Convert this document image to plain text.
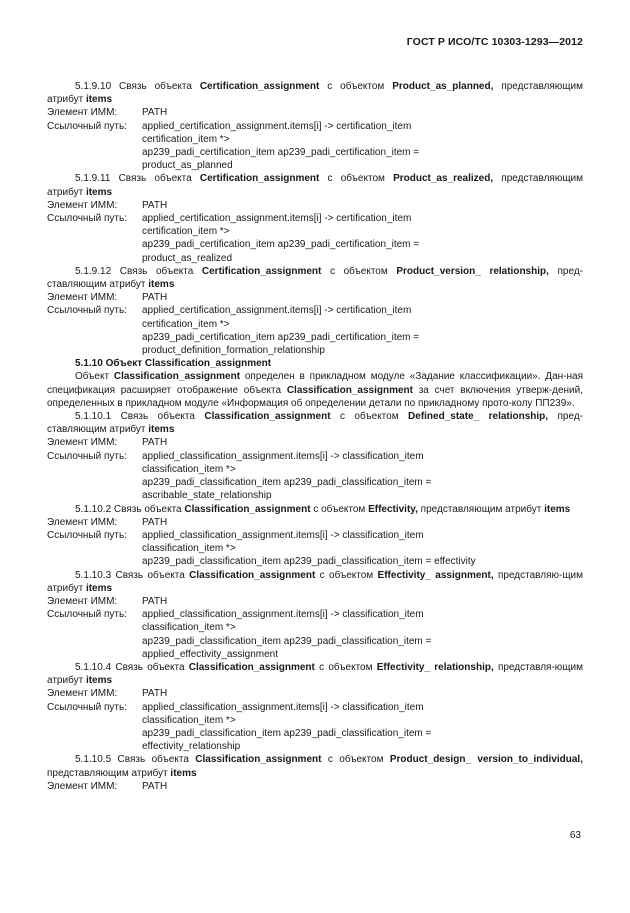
ГОСТ Р ИСО/ТС 10303-1293—2012
5.1.9.10 Связь объекта Certification_assignment с объектом Product_as_planned, представляющим атрибут items
Элемент ИММ:	PATH
Ссылочный путь:	applied_certification_assignment.items[i] -> certification_item
certification_item *>
ap239_padi_certification_item ap239_padi_certification_item =
product_as_planned
5.1.9.11 Связь объекта Certification_assignment с объектом Product_as_realized, представляющим атрибут items
Элемент ИММ:	PATH
Ссылочный путь:	applied_certification_assignment.items[i] -> certification_item
certification_item *>
ap239_padi_certification_item ap239_padi_certification_item =
product_as_realized
5.1.9.12 Связь объекта Certification_assignment с объектом Product_version_ relationship, пред-ставляющим атрибут items
Элемент ИММ:	PATH
Ссылочный путь:	applied_certification_assignment.items[i] -> certification_item
certification_item *>
ap239_padi_certification_item ap239_padi_certification_item =
product_definition_formation_relationship
5.1.10 Объект Classification_assignment
Объект Classification_assignment определен в прикладном модуле «Задание классификации». Дан-ная спецификация расширяет отображение объекта Classification_assignment за счет включения утверж-дений, определенных в прикладном модуле «Информация об определении детали по прикладному прото-колу ПП239».
5.1.10.1 Связь объекта Classification_assignment с объектом Defined_state_ relationship, пред-ставляющим атрибут items
Элемент ИММ:	PATH
Ссылочный путь:	applied_classification_assignment.items[i] -> classification_item
classification_item *>
ap239_padi_classification_item ap239_padi_classification_item =
ascribable_state_relationship
5.1.10.2 Связь объекта Classification_assignment с объектом Effectivity, представляющим атрибут items
Элемент ИММ:	PATH
Ссылочный путь:	applied_classification_assignment.items[i] -> classification_item
classification_item *>
ap239_padi_classification_item ap239_padi_classification_item = effectivity
5.1.10.3 Связь объекта Classification_assignment с объектом Effectivity_ assignment, представляю-щим атрибут items
Элемент ИММ:	PATH
Ссылочный путь:	applied_classification_assignment.items[i] -> classification_item
classification_item *>
ap239_padi_classification_item ap239_padi_classification_item =
applied_effectivity_assignment
5.1.10.4 Связь объекта Classification_assignment с объектом Effectivity_ relationship, представля-ющим атрибут items
Элемент ИММ:	PATH
Ссылочный путь:	applied_classification_assignment.items[i] -> classification_item
classification_item *>
ap239_padi_classification_item ap239_padi_classification_item =
effectivity_relationship
5.1.10.5 Связь объекта Classification_assignment с объектом Product_design_ version_to_individual, представляющим атрибут items
Элемент ИММ:	PATH
63
